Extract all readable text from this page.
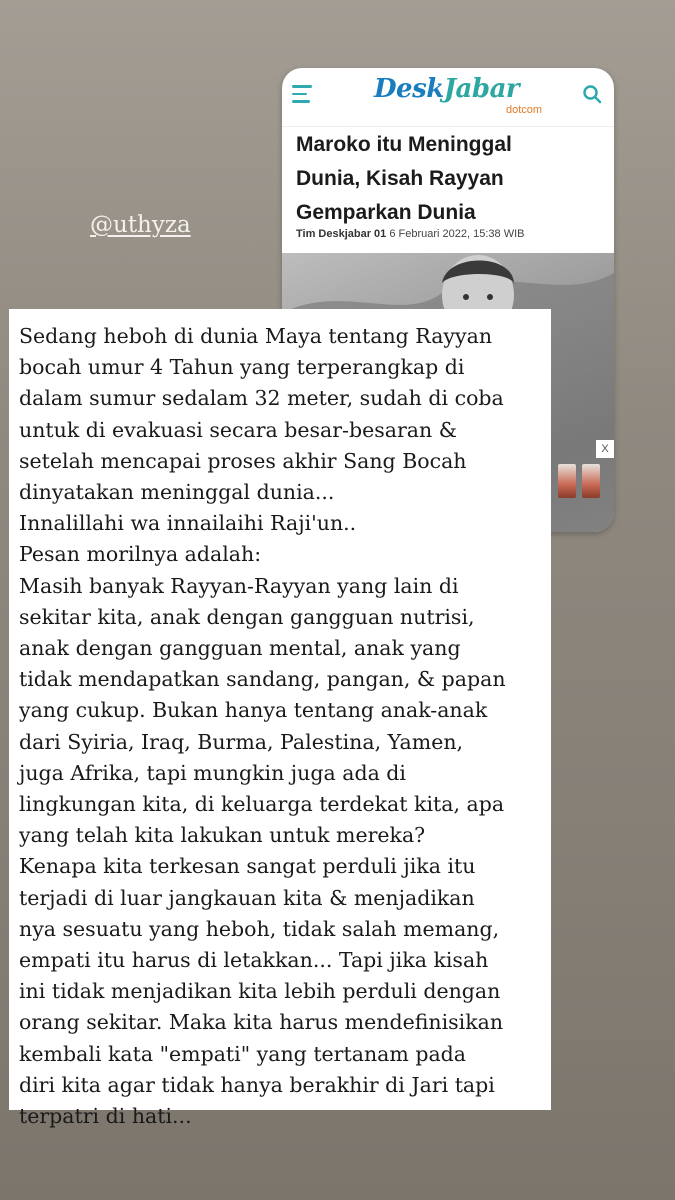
@uthyza
DeskJabar
dotcom
Maroko itu Meninggal
Dunia, Kisah Rayyan
Gemparkan Dunia
Tim Deskjabar 01 6 Februari 2022, 15:38 WIB
X
Sedang heboh di dunia Maya tentang Rayyan
bocah umur 4 Tahun yang terperangkap di
dalam sumur sedalam 32 meter, sudah di coba
untuk di evakuasi secara besar-besaran &
setelah mencapai proses akhir Sang Bocah
dinyatakan meninggal dunia...
Innalillahi wa innailaihi Raji'un..
Pesan morilnya adalah:
Masih banyak Rayyan-Rayyan yang lain di
sekitar kita, anak dengan gangguan nutrisi,
anak dengan gangguan mental, anak yang
tidak mendapatkan sandang, pangan, & papan
yang cukup. Bukan hanya tentang anak-anak
dari Syiria, Iraq, Burma, Palestina, Yamen,
juga Afrika, tapi mungkin juga ada di
lingkungan kita, di keluarga terdekat kita, apa
yang telah kita lakukan untuk mereka?
Kenapa kita terkesan sangat perduli jika itu
terjadi di luar jangkauan kita & menjadikan
nya sesuatu yang heboh, tidak salah memang,
empati itu harus di letakkan... Tapi jika kisah
ini tidak menjadikan kita lebih perduli dengan
orang sekitar. Maka kita harus mendefinisikan
kembali kata "empati" yang tertanam pada
diri kita agar tidak hanya berakhir di Jari tapi
terpatri di hati...
